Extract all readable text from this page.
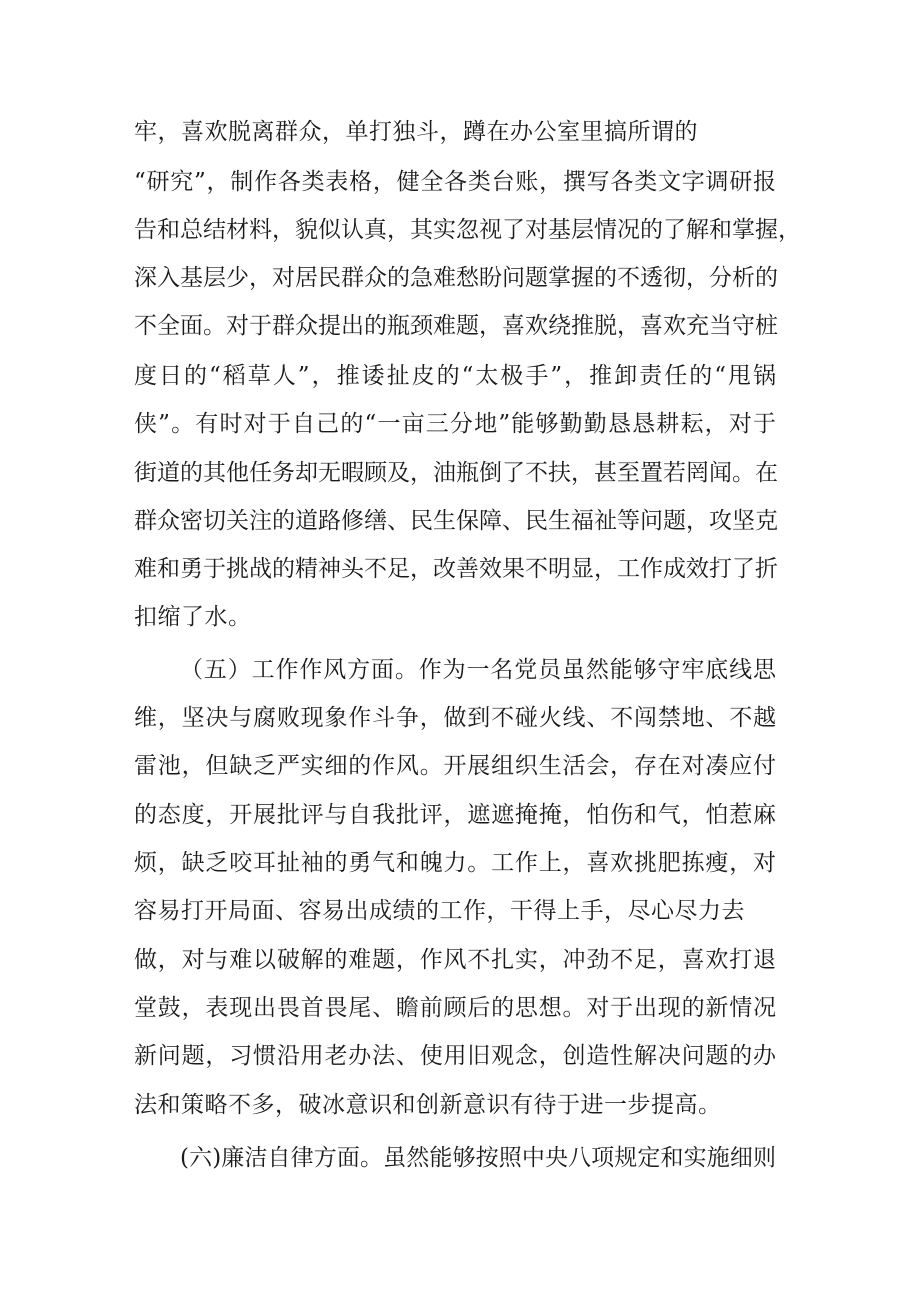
牢，喜欢脱离群众，单打独斗，蹲在办公室里搞所谓的
“研究”，制作各类表格，健全各类台账，撰写各类文字调研报
告和总结材料，貌似认真，其实忽视了对基层情况的了解和掌握，
深入基层少，对居民群众的急难愁盼问题掌握的不透彻，分析的
不全面。对于群众提出的瓶颈难题，喜欢绕推脱，喜欢充当守桩
度日的“稻草人”，推诿扯皮的“太极手”，推卸责任的“甩锅
侠”。有时对于自己的“一亩三分地”能够勤勤恳恳耕耘，对于
街道的其他任务却无暇顾及，油瓶倒了不扶，甚至置若罔闻。在
群众密切关注的道路修缮、民生保障、民生福祉等问题，攻坚克
难和勇于挑战的精神头不足，改善效果不明显，工作成效打了折
扣缩了水。
（五）工作作风方面。作为一名党员虽然能够守牢底线思
维，坚决与腐败现象作斗争，做到不碰火线、不闯禁地、不越
雷池，但缺乏严实细的作风。开展组织生活会，存在对凑应付
的态度，开展批评与自我批评，遮遮掩掩，怕伤和气，怕惹麻
烦，缺乏咬耳扯袖的勇气和魄力。工作上，喜欢挑肥拣瘦，对
容易打开局面、容易出成绩的工作，干得上手，尽心尽力去
做，对与难以破解的难题，作风不扎实，冲劲不足，喜欢打退
堂鼓，表现出畏首畏尾、瞻前顾后的思想。对于出现的新情况
新问题，习惯沿用老办法、使用旧观念，创造性解决问题的办
法和策略不多，破冰意识和创新意识有待于进一步提高。
(六)廉洁自律方面。虽然能够按照中央八项规定和实施细则
